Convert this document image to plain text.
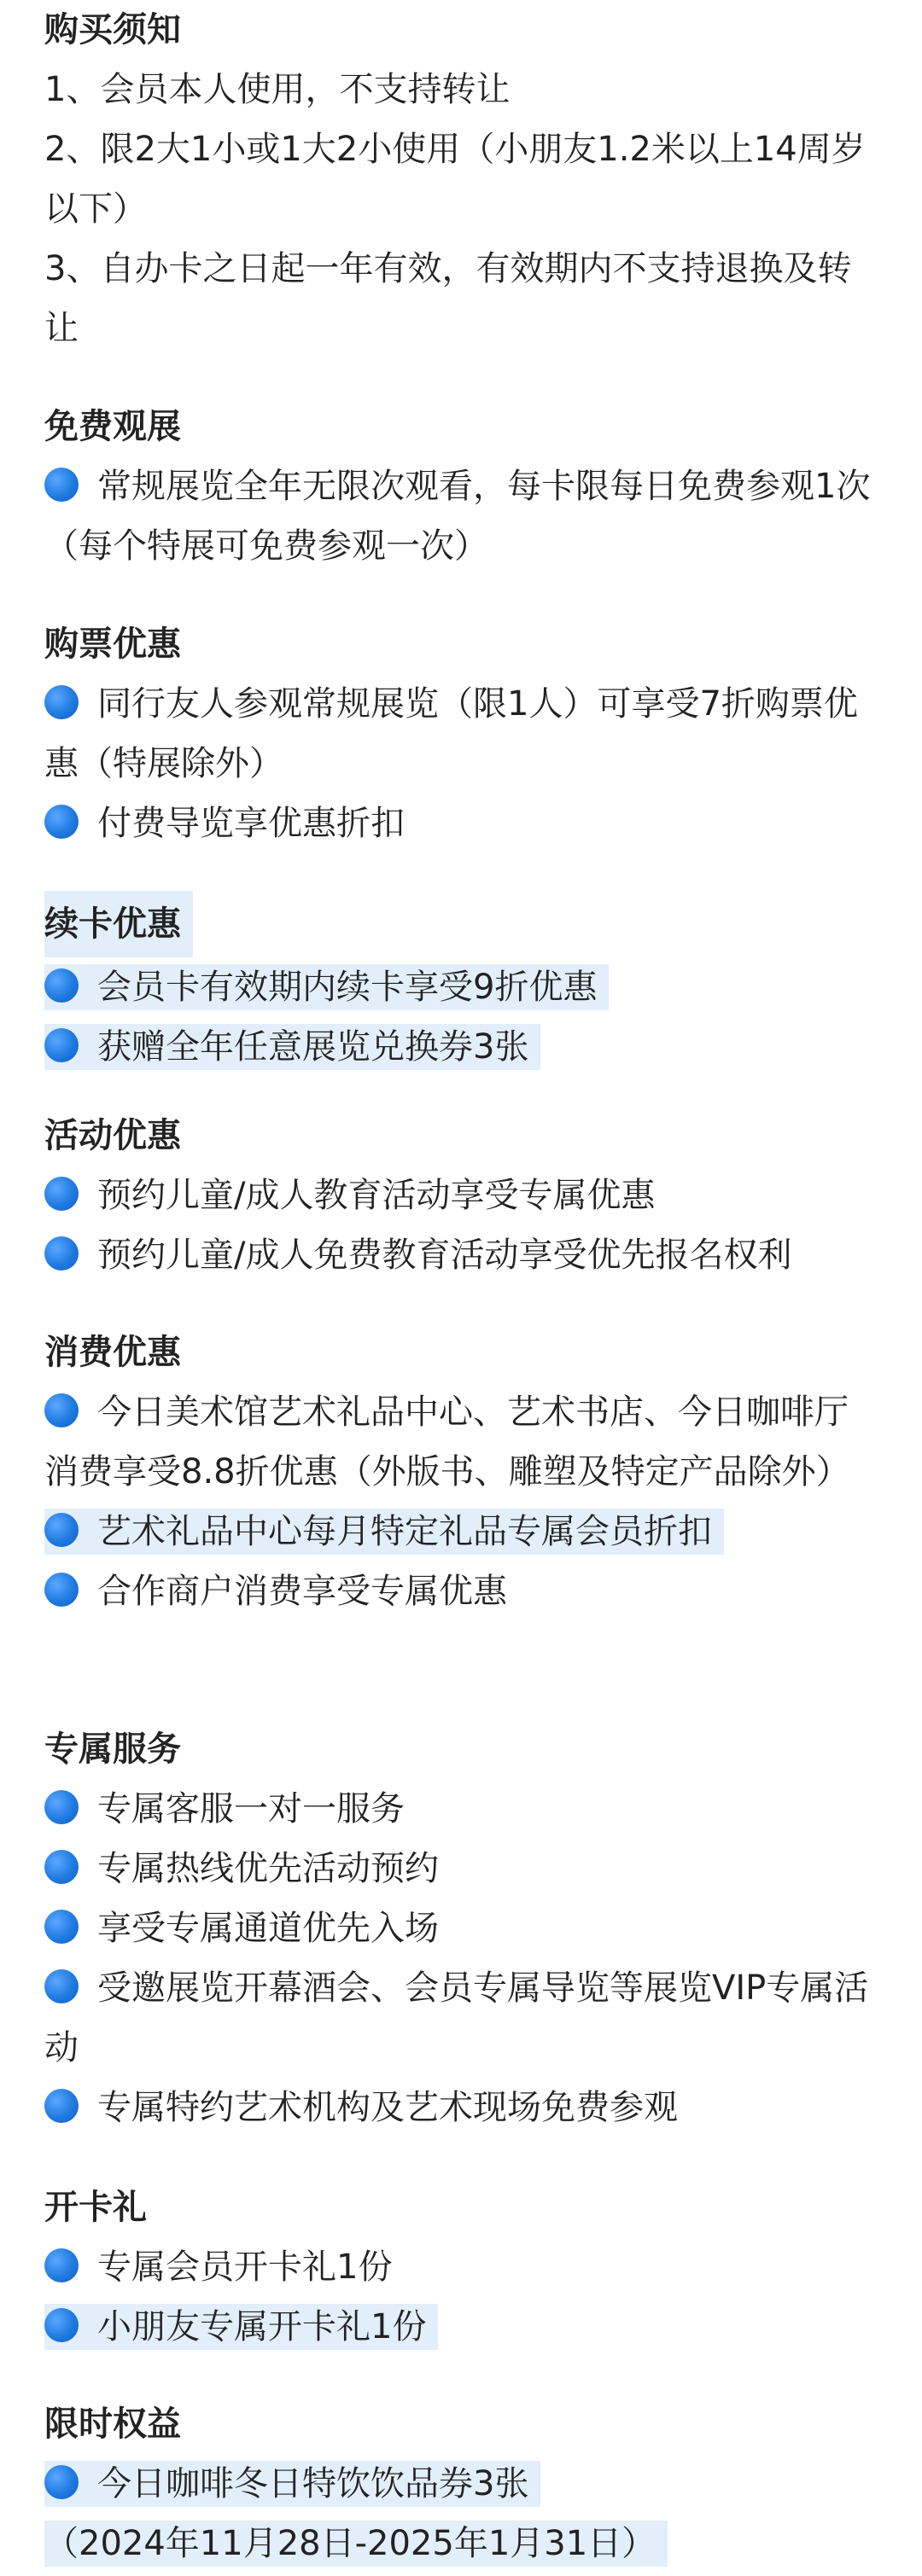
购买须知
1、会员本人使用，不支持转让
2、限2大1小或1大2小使用（小朋友1.2米以上14周岁以下）
3、自办卡之日起一年有效，有效期内不支持退换及转让
免费观展
常规展览全年无限次观看，每卡限每日免费参观1次（每个特展可免费参观一次）
购票优惠
同行友人参观常规展览（限1人）可享受7折购票优惠（特展除外）
付费导览享优惠折扣
续卡优惠
会员卡有效期内续卡享受9折优惠
获赠全年任意展览兑换券3张
活动优惠
预约儿童/成人教育活动享受专属优惠
预约儿童/成人免费教育活动享受优先报名权利
消费优惠
今日美术馆艺术礼品中心、艺术书店、今日咖啡厅消费享受8.8折优惠（外版书、雕塑及特定产品除外）
艺术礼品中心每月特定礼品专属会员折扣
合作商户消费享受专属优惠
专属服务
专属客服一对一服务
专属热线优先活动预约
享受专属通道优先入场
受邀展览开幕酒会、会员专属导览等展览VIP专属活动
专属特约艺术机构及艺术现场免费参观
开卡礼
专属会员开卡礼1份
小朋友专属开卡礼1份
限时权益
今日咖啡冬日特饮饮品券3张
（2024年11月28日-2025年1月31日）
